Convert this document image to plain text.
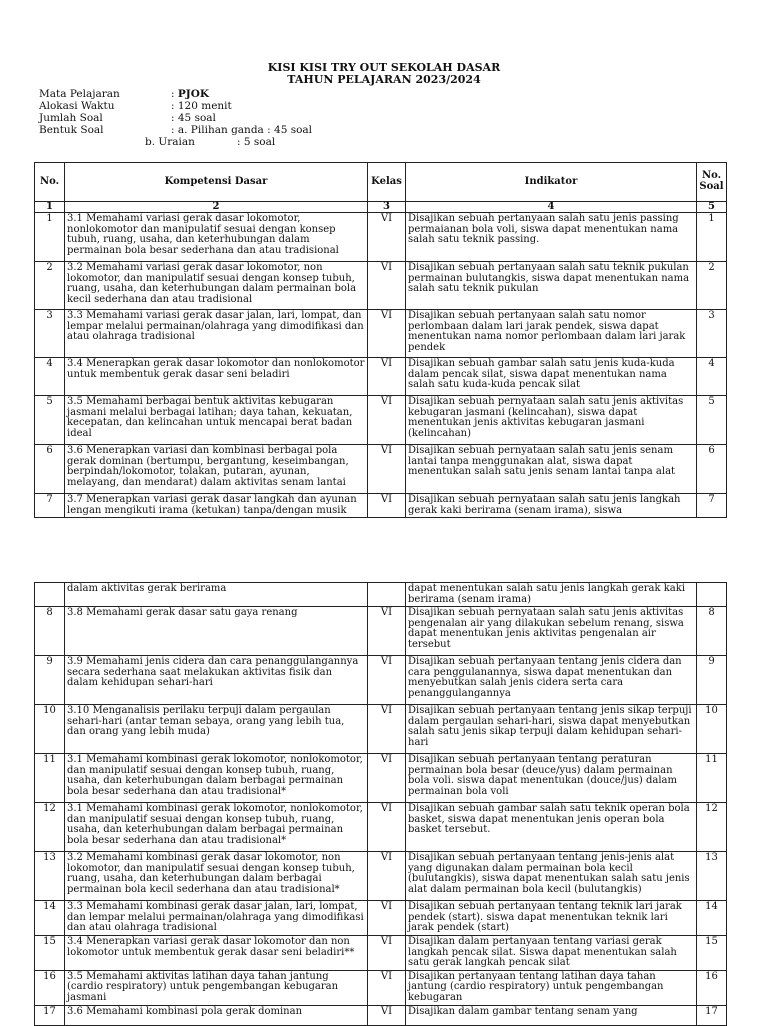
KISI KISI TRY OUT SEKOLAH DASAR
TAHUN PELAJARAN 2023/2024
Mata Pelajaran	: PJOK
Alokasi Waktu	: 120 menit
Jumlah Soal	: 45 soal
Bentuk Soal	: a. Pilihan ganda : 45 soal
b. Uraian	: 5 soal
No.	Kompetensi Dasar	Kelas	Indikator	No. Soal
1	2	3	4	5
1	3.1 Memahami variasi gerak dasar lokomotor, nonlokomotor dan manipulatif sesuai dengan konsep tubuh, ruang, usaha, dan keterhubungan dalam permainan bola besar sederhana dan atau tradisional	VI	Disajikan sebuah pertanyaan salah satu jenis passing permaianan bola voli, siswa dapat menentukan nama salah satu teknik passing.	1
2	3.2 Memahami variasi gerak dasar lokomotor, non lokomotor, dan manipulatif sesuai dengan konsep tubuh, ruang, usaha, dan keterhubungan dalam permainan bola kecil sederhana dan atau tradisional	VI	Disajikan sebuah pertanyaan salah satu teknik pukulan permainan bulutangkis, siswa dapat menentukan nama salah satu teknik pukulan	2
3	3.3 Memahami variasi gerak dasar jalan, lari, lompat, dan lempar melalui permainan/olahraga yang dimodifikasi dan atau olahraga tradisional	VI	Disajikan sebuah pertanyaan salah satu nomor perlombaan dalam lari jarak pendek, siswa dapat menentukan nama nomor perlombaan dalam lari jarak pendek	3
4	3.4 Menerapkan gerak dasar lokomotor dan nonlokomotor untuk membentuk gerak dasar seni beladiri	VI	Disajikan sebuah gambar salah satu jenis kuda-kuda dalam pencak silat, siswa dapat menentukan nama salah satu kuda-kuda pencak silat	4
5	3.5 Memahami berbagai bentuk aktivitas kebugaran jasmani melalui berbagai latihan; daya tahan, kekuatan, kecepatan, dan kelincahan untuk mencapai berat badan ideal	VI	Disajikan sebuah pernyataan salah satu jenis aktivitas kebugaran jasmani (kelincahan), siswa dapat menentukan jenis aktivitas kebugaran jasmani (kelincahan)	5
6	3.6 Menerapkan variasi dan kombinasi berbagai pola gerak dominan (bertumpu, bergantung, keseimbangan, berpindah/lokomotor, tolakan, putaran, ayunan, melayang, dan mendarat) dalam aktivitas senam lantai	VI	Disajikan sebuah pernyataan salah satu jenis senam lantai tanpa menggunakan alat, siswa dapat menentukan salah satu jenis senam lantai tanpa alat	6
7	3.7 Menerapkan variasi gerak dasar langkah dan ayunan lengan mengikuti irama (ketukan) tanpa/dengan musik	VI	Disajikan sebuah pernyataan salah satu jenis langkah gerak kaki berirama (senam irama), siswa	7
	dalam aktivitas gerak berirama		dapat menentukan salah satu jenis langkah gerak kaki berirama (senam irama)	
8	3.8 Memahami gerak dasar satu gaya renang	VI	Disajikan sebuah pernyataan salah satu jenis aktivitas pengenalan air yang dilakukan sebelum renang, siswa dapat menentukan jenis aktivitas pengenalan air tersebut	8
9	3.9 Memahami jenis cidera dan cara penanggulangannya secara sederhana saat melakukan aktivitas fisik dan dalam kehidupan sehari-hari	VI	Disajikan sebuah pertanyaan tentang jenis cidera dan cara penggulanannya, siswa dapat menentukan dan menyebutkan salah jenis cidera serta cara penanggulangannya	9
10	3.10 Menganalisis perilaku terpuji dalam pergaulan sehari-hari (antar teman sebaya, orang yang lebih tua, dan orang yang lebih muda)	VI	Disajikan sebuah pertanyaan tentang jenis sikap terpuji dalam pergaulan sehari-hari, siswa dapat menyebutkan salah satu jenis sikap terpuji dalam kehidupan sehari-hari	10
11	3.1 Memahami kombinasi gerak lokomotor, nonlokomotor, dan manipulatif sesuai dengan konsep tubuh, ruang, usaha, dan keterhubungan dalam berbagai permainan bola besar sederhana dan atau tradisional*	VI	Disajikan sebuah pertanyaan tentang peraturan permainan bola besar (deuce/yus) dalam permainan bola voli. siswa dapat menentukan (douce/jus) dalam permainan bola voli	11
12	3.1 Memahami kombinasi gerak lokomotor, nonlokomotor, dan manipulatif sesuai dengan konsep tubuh, ruang, usaha, dan keterhubungan dalam berbagai permainan bola besar sederhana dan atau tradisional*	VI	Disajikan sebuah gambar salah satu teknik operan bola basket, siswa dapat menentukan jenis operan bola basket tersebut.	12
13	3.2 Memahami kombinasi gerak dasar lokomotor, non lokomotor, dan manipulatif sesuai dengan konsep tubuh, ruang, usaha, dan keterhubungan dalam berbagai permainan bola kecil sederhana dan atau tradisional*	VI	Disajikan sebuah pertanyaan tentang jenis-jenis alat yang digunakan dalam permainan bola kecil (bulutangkis), siswa dapat menentukan salah satu jenis alat dalam permainan bola kecil (bulutangkis)	13
14	3.3 Memahami kombinasi gerak dasar jalan, lari, lompat, dan lempar melalui permainan/olahraga yang dimodifikasi dan atau olahraga tradisional	VI	Disajikan sebuah pertanyaan tentang teknik lari jarak pendek (start). siswa dapat menentukan teknik lari jarak pendek (start)	14
15	3.4 Menerapkan variasi gerak dasar lokomotor dan non lokomotor untuk membentuk gerak dasar seni beladiri**	VI	Disajikan dalam pertanyaan tentang variasi gerak langkah pencak silat. Siswa dapat menentukan salah satu gerak langkah pencak silat	15
16	3.5 Memahami aktivitas latihan daya tahan jantung (cardio respiratory) untuk pengembangan kebugaran jasmani	VI	Disajikan pertanyaan tentang latihan daya tahan jantung (cardio respiratory) untuk pengembangan kebugaran	16
17	3.6 Memahami kombinasi pola gerak dominan	VI	Disajikan dalam gambar tentang senam yang	17
